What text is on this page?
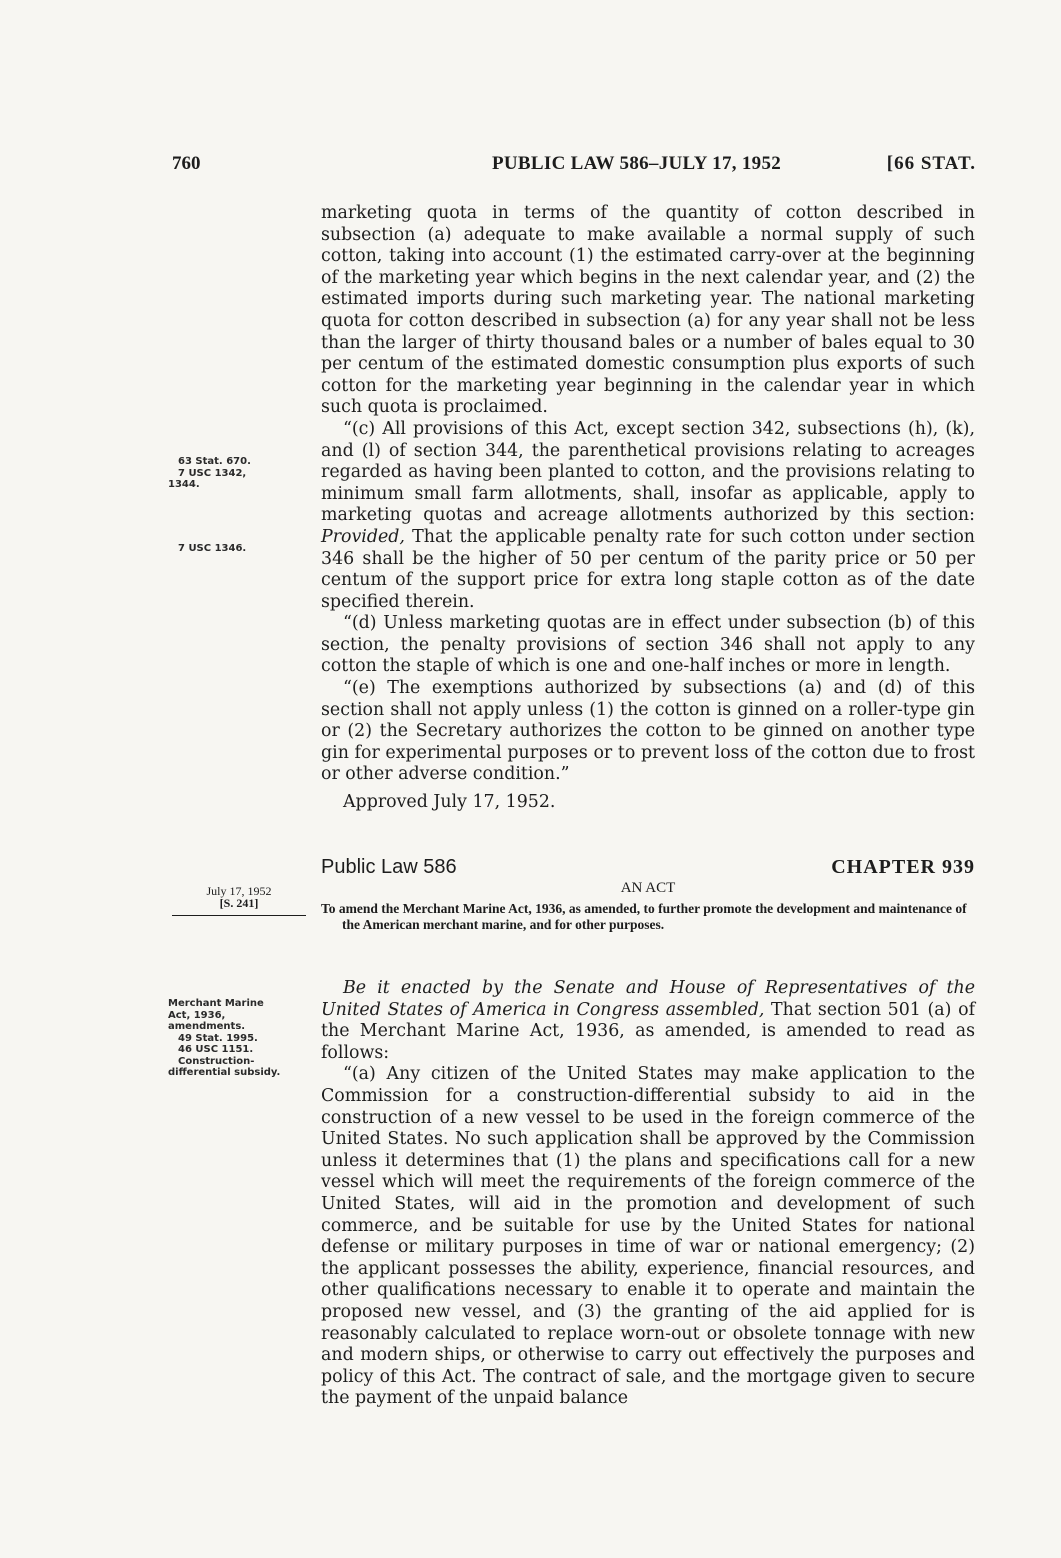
760	PUBLIC LAW 586–JULY 17, 1952	[66 STAT.

marketing quota in terms of the quantity of cotton described in subsection (a) adequate to make available a normal supply of such cotton, taking into account (1) the estimated carry-over at the beginning of the marketing year which begins in the next calendar year, and (2) the estimated imports during such marketing year. The national marketing quota for cotton described in subsection (a) for any year shall not be less than the larger of thirty thousand bales or a number of bales equal to 30 per centum of the estimated domestic consumption plus exports of such cotton for the marketing year beginning in the calendar year in which such quota is proclaimed.

“(c) All provisions of this Act, except section 342, subsections (h), (k), and (l) of section 344, the parenthetical provisions relating to acreages regarded as having been planted to cotton, and the provisions relating to minimum small farm allotments, shall, insofar as applicable, apply to marketing quotas and acreage allotments authorized by this section: Provided, That the applicable penalty rate for such cotton under section 346 shall be the higher of 50 per centum of the parity price or 50 per centum of the support price for extra long staple cotton as of the date specified therein.

“(d) Unless marketing quotas are in effect under subsection (b) of this section, the penalty provisions of section 346 shall not apply to any cotton the staple of which is one and one-half inches or more in length.

“(e) The exemptions authorized by subsections (a) and (d) of this section shall not apply unless (1) the cotton is ginned on a roller-type gin or (2) the Secretary authorizes the cotton to be ginned on another type gin for experimental purposes or to prevent loss of the cotton due to frost or other adverse condition.”

Approved July 17, 1952.
63 Stat. 670.
7 USC 1342,
1344.
7 USC 1346.
Public Law 586	CHAPTER 939
AN ACT
July 17, 1952
[S. 241]	To amend the Merchant Marine Act, 1936, as amended, to further promote the development and maintenance of the American merchant marine, and for other purposes.

Be it enacted by the Senate and House of Representatives of the United States of America in Congress assembled, That section 501 (a) of the Merchant Marine Act, 1936, as amended, is amended to read as follows:

“(a) Any citizen of the United States may make application to the Commission for a construction-differential subsidy to aid in the construction of a new vessel to be used in the foreign commerce of the United States. No such application shall be approved by the Commission unless it determines that (1) the plans and specifications call for a new vessel which will meet the requirements of the foreign commerce of the United States, will aid in the promotion and development of such commerce, and be suitable for use by the United States for national defense or military purposes in time of war or national emergency; (2) the applicant possesses the ability, experience, financial resources, and other qualifications necessary to enable it to operate and maintain the proposed new vessel, and (3) the granting of the aid applied for is reasonably calculated to replace worn-out or obsolete tonnage with new and modern ships, or otherwise to carry out effectively the purposes and policy of this Act. The contract of sale, and the mortgage given to secure the payment of the unpaid balance

Merchant Marine Act, 1936,
amendments.
49 Stat. 1995.
46 USC 1151.
Construction-
differential subsidy.
